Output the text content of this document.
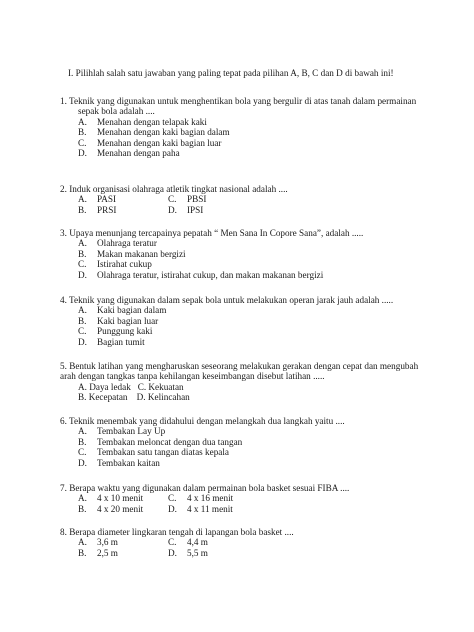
I. Pilihlah salah satu jawaban yang paling tepat pada pilihan A, B, C dan D di bawah ini!
1. Teknik yang digunakan untuk menghentikan bola yang bergulir di atas tanah dalam permainan
sepak bola adalah ....
A.	Menahan dengan telapak kaki
B.	Menahan dengan kaki bagian dalam
C.	Menahan dengan kaki bagian luar
D.	Menahan dengan paha
2. Induk organisasi olahraga atletik tingkat nasional adalah ....
A.	PASI	C.	PBSI
B.	PRSI	D.	IPSI
3. Upaya menunjang tercapainya pepatah “ Men Sana In Copore Sana”, adalah .....
A.	Olahraga teratur
B.	Makan makanan bergizi
C.	Istirahat cukup
D.	Olahraga teratur, istirahat cukup, dan makan makanan bergizi
4. Teknik yang digunakan dalam sepak bola untuk melakukan operan jarak jauh adalah .....
A.	Kaki bagian dalam
B.	Kaki bagian luar
C.	Punggung kaki
D.	Bagian tumit
5. Bentuk latihan yang mengharuskan seseorang melakukan gerakan dengan cepat dan mengubah
arah dengan tangkas tanpa kehilangan keseimbangan disebut latihan .....
A. Daya ledak   C. Kekuatan
B. Kecepatan    D. Kelincahan
6. Teknik menembak yang didahului dengan melangkah dua langkah yaitu ....
A.	Tembakan Lay Up
B.	Tembakan meloncat dengan dua tangan
C.	Tembakan satu tangan diatas kepala
D.	Tembakan kaitan
7. Berapa waktu yang digunakan dalam permainan bola basket sesuai FIBA ....
A.	4 x 10 menit	C.	4 x 16 menit
B.	4 x 20 menit	D.	4 x 11 menit
8. Berapa diameter lingkaran tengah di lapangan bola basket ....
A.	3,6 m	C.	4,4 m
B.	2,5 m	D.	5,5 m
